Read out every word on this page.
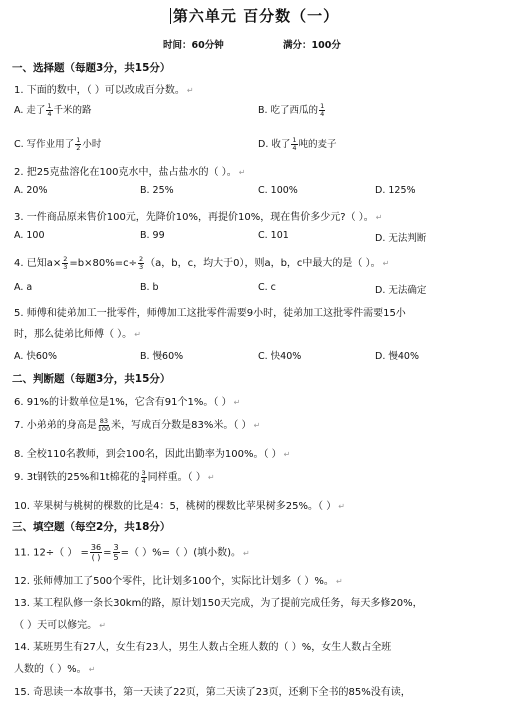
第六单元 百分数（一）
时间：60分钟	满分：100分
一、选择题（每题3分，共15分）
1. 下面的数中，（ ）可以改成百分数。 ↵
A. 走了 $\frac{1}{4}$ 千米的路	B. 吃了西瓜的 $\frac{1}{4}$
C. 写作业用了 $\frac{1}{2}$ 小时	D. 收了 $\frac{1}{4}$ 吨的麦子
2. 把25克盐溶化在100克水中，盐占盐水的（ ）。 ↵
A. 20%	B. 25%	C. 100%	D. 125%
3. 一件商品原来售价100元，先降价10%，再提价10%，现在售价多少元?（ ）。 ↵
A. 100	B. 99	C. 101	D. 无法判断
4. 已知$a\times \frac{2}{3} =b\times 80\%=c\div \frac{2}{3} (a$，b，c，均大于0），则a，b，c中最大的是（ ）。 ↵
A. a	B. b	C. c	D. 无法确定
5. 师傅和徒弟加工一批零件，师傅加工这批零件需要9小时，徒弟加工这批零件需要15小
时，那么徒弟比师傅（ ）。 ↵
A. 快60%	B. 慢60%	C. 快40%	D. 慢40%
二、判断题（每题3分，共15分）
6. 91%的计数单位是1%，它含有91个1%。（ ） ↵
7. 小弟弟的身高是 $\frac{83}{100}$ 米，写成百分数是83%米。（ ） ↵
8. 全校110名教师，到会100名，因此出勤率为100%。（ ） ↵
9. 3t钢铁的25%和1t棉花的 $\frac{3}{4}$ 同样重。（ ） ↵
10. 苹果树与桃树的棵数的比是4：5，桃树的棵数比苹果树多25%。（ ） ↵
三、填空题（每空2分，共18分）
11. 12÷（ ） = 36
( ) = $\frac{3}{5}$ =（ ）%=（ ）(填小数)。 ↵
12. 张师傅加工了500个零件，比计划多100个，实际比计划多（ ）%。 ↵
13. 某工程队修一条长30km的路，原计划150天完成，为了提前完成任务，每天多修20%，
（ ）天可以修完。 ↵
14. 某班男生有27人，女生有23人，男生人数占全班人数的（ ）%，女生人数占全班
人数的（ ）%。 ↵
15. 奇思读一本故事书，第一天读了22页，第二天读了23页，还剩下全书的85%没有读，
